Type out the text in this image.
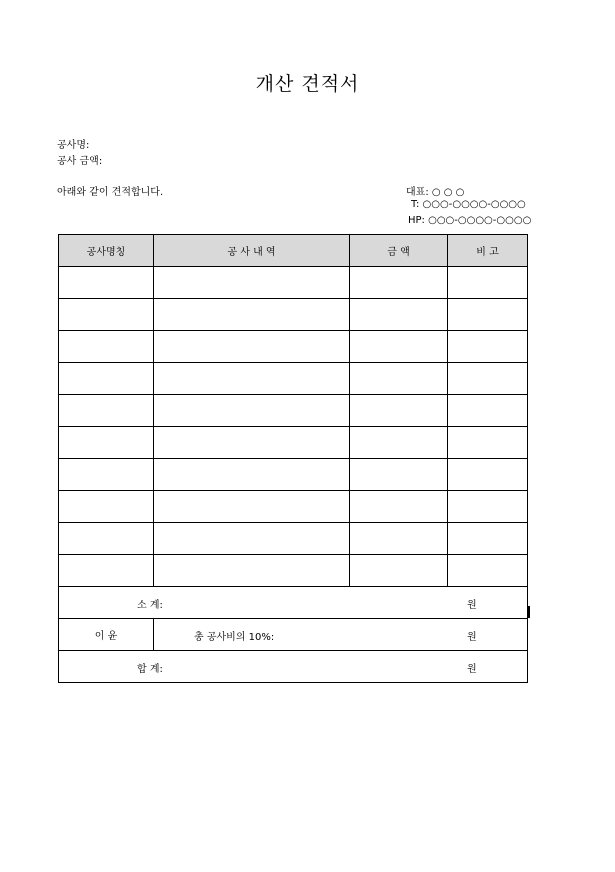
개산 견적서
공사명:
공사 금액:
아래와 같이 견적합니다.	대표: ○ ○ ○
T: ○○○-○○○○-○○○○
HP: ○○○-○○○○-○○○○
공사명칭	공 사 내 역	금 액	비 고

소 계: 원			

이 윤	총 공사비의 10%: 원		

합 계: 원			
